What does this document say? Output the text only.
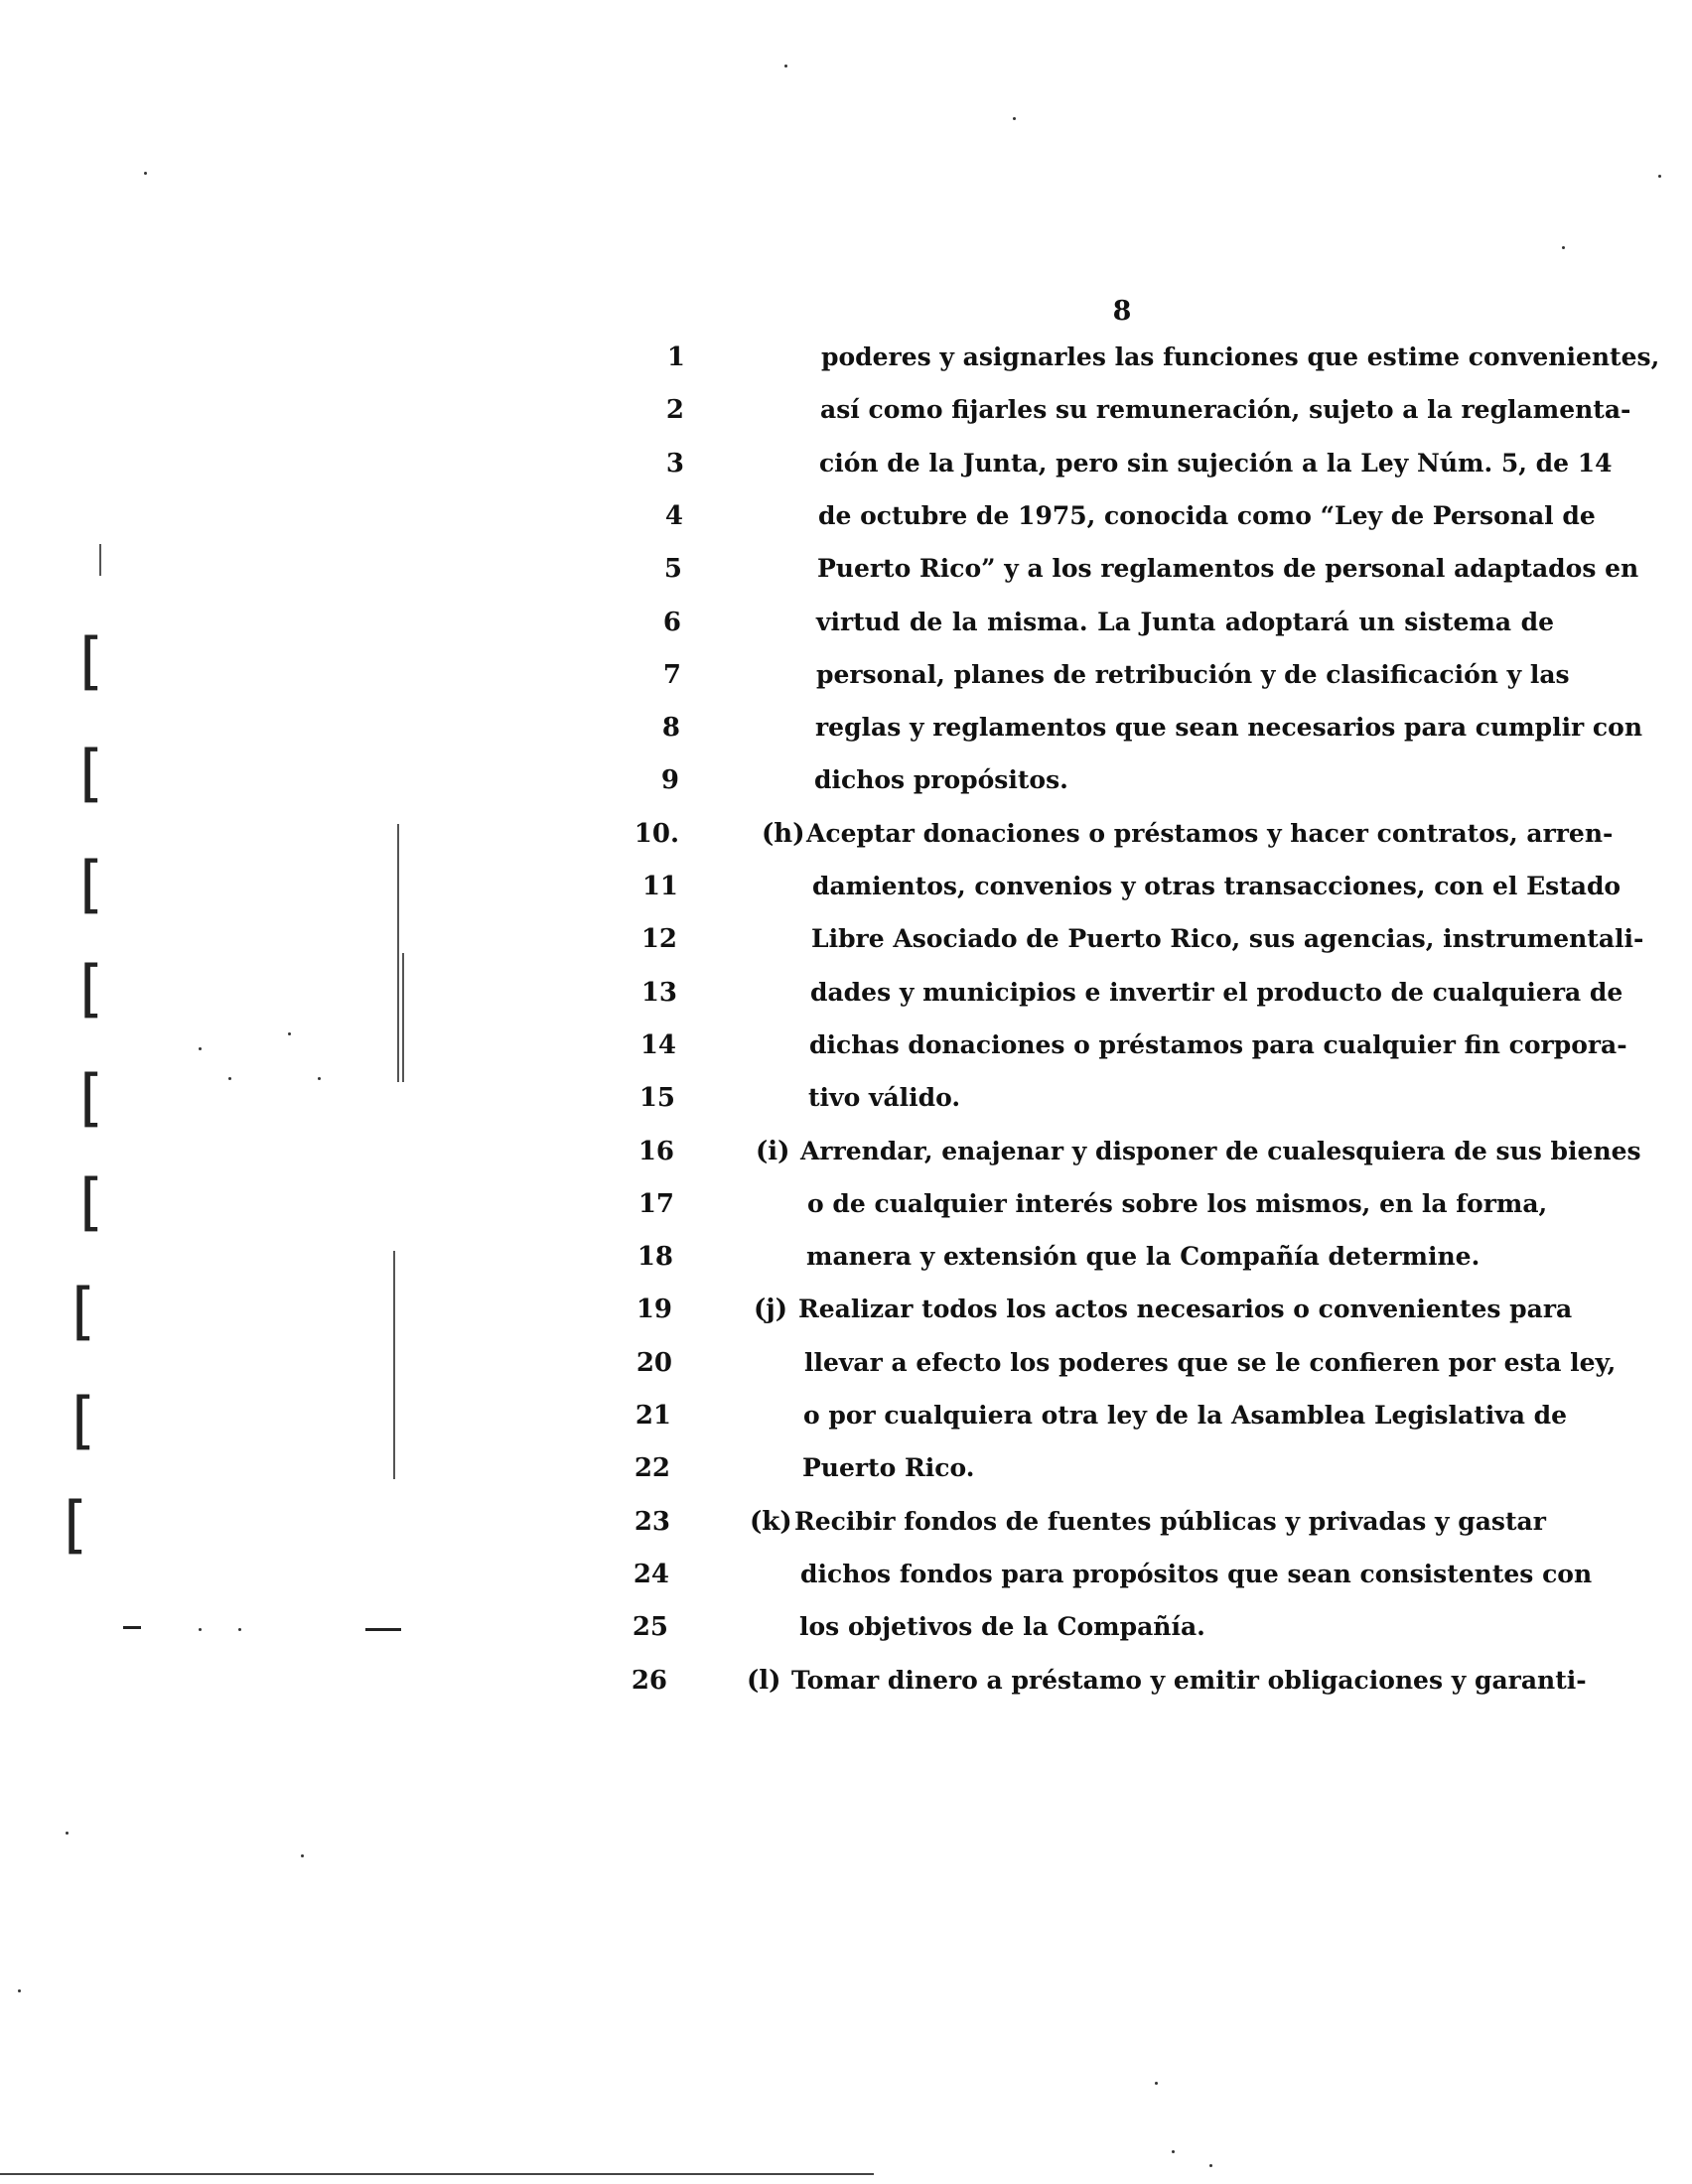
8
1	poderes y asignarles las funciones que estime convenientes,
2	así como fijarles su remuneración, sujeto a la reglamenta-
3	ción de la Junta, pero sin sujeción a la Ley Núm. 5, de 14
4	de octubre de 1975, conocida como “Ley de Personal de
5	Puerto Rico” y a los reglamentos de personal adaptados en
6	virtud de la misma. La Junta adoptará un sistema de
7	personal, planes de retribución y de clasificación y las
8	reglas y reglamentos que sean necesarios para cumplir con
9	dichos propósitos.
10.	(h) Aceptar donaciones o préstamos y hacer contratos, arren-
11	damientos, convenios y otras transacciones, con el Estado
12	Libre Asociado de Puerto Rico, sus agencias, instrumentali-
13	dades y municipios e invertir el producto de cualquiera de
14	dichas donaciones o préstamos para cualquier fin corpora-
15	tivo válido.
16	(i) Arrendar, enajenar y disponer de cualesquiera de sus bienes
17	o de cualquier interés sobre los mismos, en la forma,
18	manera y extensión que la Compañía determine.
19	(j) Realizar todos los actos necesarios o convenientes para
20	llevar a efecto los poderes que se le confieren por esta ley,
21	o por cualquiera otra ley de la Asamblea Legislativa de
22	Puerto Rico.
23	(k) Recibir fondos de fuentes públicas y privadas y gastar
24	dichos fondos para propósitos que sean consistentes con
25	los objetivos de la Compañía.
26	(l) Tomar dinero a préstamo y emitir obligaciones y garanti-
[
[
[
[
[
[
[
[
[
